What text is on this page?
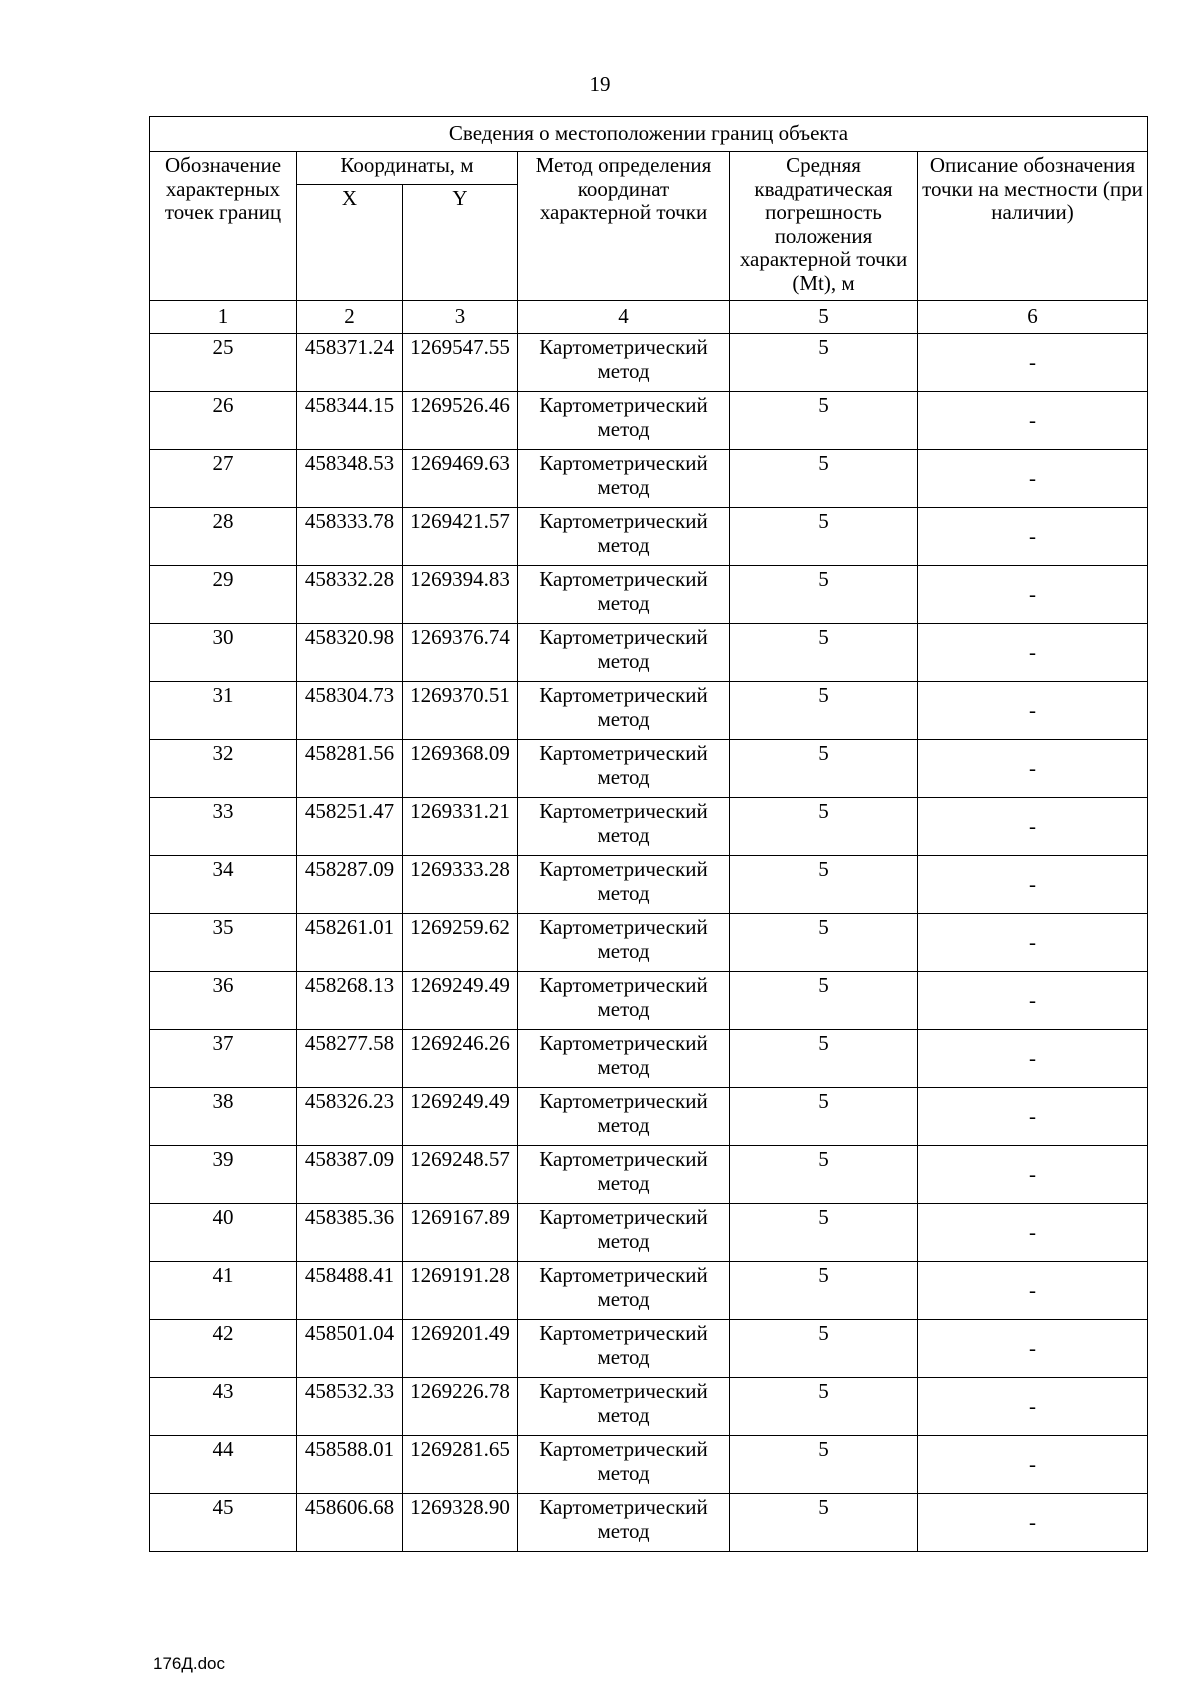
19
Сведения о местоположении границ объекта					
Обозначение характерных точек границ	Координаты, м		Метод определения координат характерной точки	Средняя квадратическая погрешность положения характерной точки (Mt), м	Описание обозначения точки на местности (при наличии)
	X	Y			
1	2	3	4	5	6
25	458371.24	1269547.55	Картометрический метод	5	-
26	458344.15	1269526.46	Картометрический метод	5	-
27	458348.53	1269469.63	Картометрический метод	5	-
28	458333.78	1269421.57	Картометрический метод	5	-
29	458332.28	1269394.83	Картометрический метод	5	-
30	458320.98	1269376.74	Картометрический метод	5	-
31	458304.73	1269370.51	Картометрический метод	5	-
32	458281.56	1269368.09	Картометрический метод	5	-
33	458251.47	1269331.21	Картометрический метод	5	-
34	458287.09	1269333.28	Картометрический метод	5	-
35	458261.01	1269259.62	Картометрический метод	5	-
36	458268.13	1269249.49	Картометрический метод	5	-
37	458277.58	1269246.26	Картометрический метод	5	-
38	458326.23	1269249.49	Картометрический метод	5	-
39	458387.09	1269248.57	Картометрический метод	5	-
40	458385.36	1269167.89	Картометрический метод	5	-
41	458488.41	1269191.28	Картометрический метод	5	-
42	458501.04	1269201.49	Картометрический метод	5	-
43	458532.33	1269226.78	Картометрический метод	5	-
44	458588.01	1269281.65	Картометрический метод	5	-
45	458606.68	1269328.90	Картометрический метод	5	-
176Д.doc
